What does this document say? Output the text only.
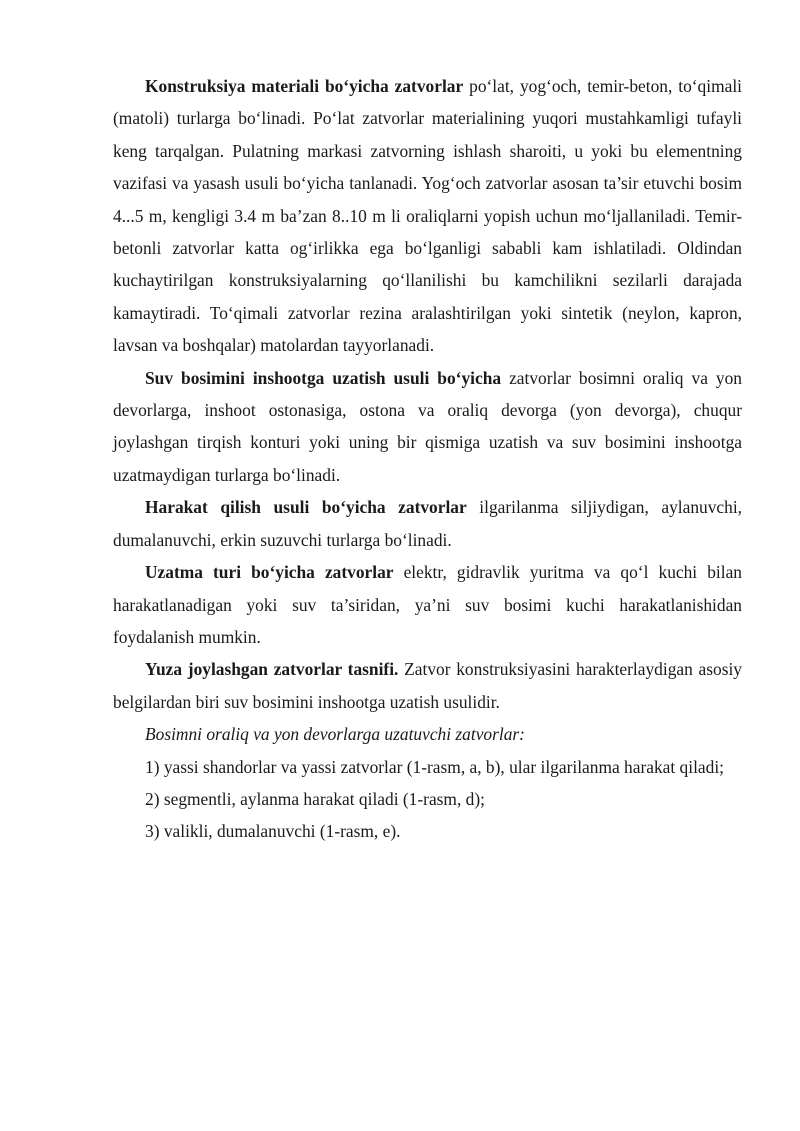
Konstruksiya materiali bo‘yicha zatvorlar po‘lat, yog‘och, temir-beton, to‘qimali (matoli) turlarga bo‘linadi. Po‘lat zatvorlar materialining yuqori mustahkamligi tufayli keng tarqalgan. Pulatning markasi zatvorning ishlash sharoiti, u yoki bu elementning vazifasi va yasash usuli bo‘yicha tanlanadi. Yog‘och zatvorlar asosan ta’sir etuvchi bosim 4...5 m, kengligi 3.4 m ba’zan 8..10 m li oraliqlarni yopish uchun mo‘ljallaniladi. Temir-betonli zatvorlar katta og‘irlikka ega bo‘lganligi sababli kam ishlatiladi. Oldindan kuchaytirilgan konstruksiyalarning qo‘llanilishi bu kamchilikni sezilarli darajada kamaytiradi. To‘qimali zatvorlar rezina aralashtirilgan yoki sintetik (neylon, kapron, lavsan va boshqalar) matolardan tayyorlanadi.

Suv bosimini inshootga uzatish usuli bo‘yicha zatvorlar bosimni oraliq va yon devorlarga, inshoot ostonasiga, ostona va oraliq devorga (yon devorga), chuqur joylashgan tirqish konturi yoki uning bir qismiga uzatish va suv bosimini inshootga uzatmaydigan turlarga bo‘linadi.

Harakat qilish usuli bo‘yicha zatvorlar ilgarilanma siljiydigan, aylanuvchi, dumalanuvchi, erkin suzuvchi turlarga bo‘linadi.

Uzatma turi bo‘yicha zatvorlar elektr, gidravlik yuritma va qo‘l kuchi bilan harakatlanadigan yoki suv ta’siridan, ya’ni suv bosimi kuchi harakatlanishidan foydalanish mumkin.

Yuza joylashgan zatvorlar tasnifi. Zatvor konstruksiyasini harakterlaydigan asosiy belgilardan biri suv bosimini inshootga uzatish usulidir.

Bosimni oraliq va yon devorlarga uzatuvchi zatvorlar:

1) yassi shandorlar va yassi zatvorlar (1-rasm, a, b), ular ilgarilanma harakat qiladi;

2) segmentli, aylanma harakat qiladi (1-rasm, d);

3) valikli, dumalanuvchi (1-rasm, e).
